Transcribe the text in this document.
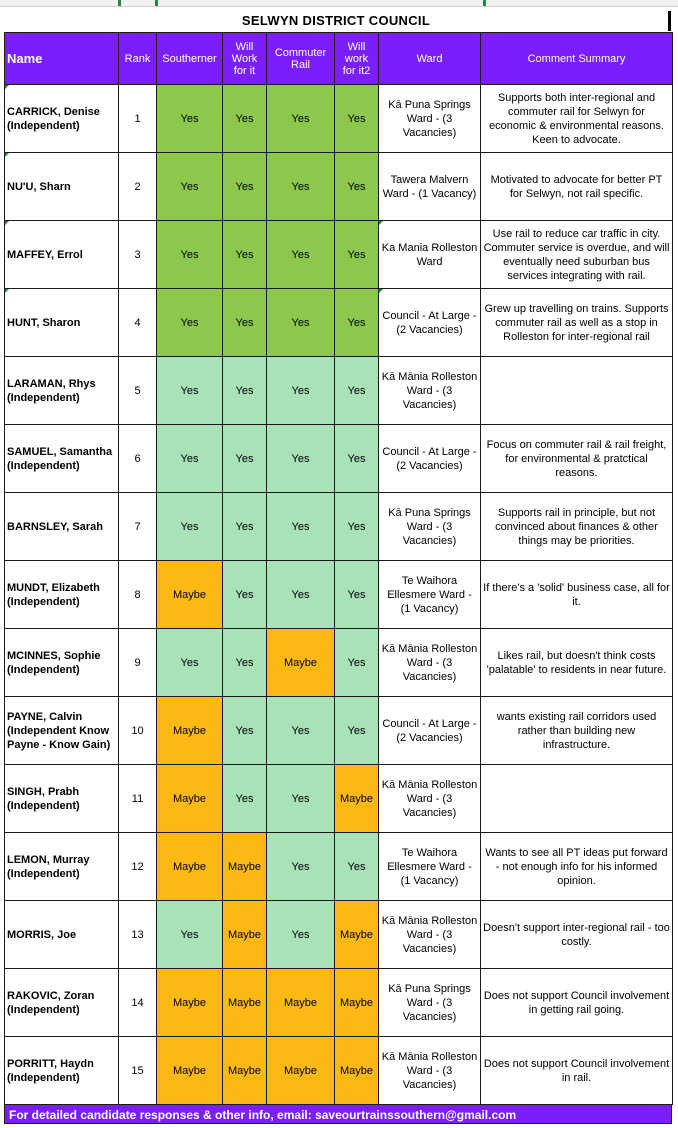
SELWYN DISTRICT COUNCIL
Name	Rank	Southerner	Will Work for it	Commuter Rail	Will work for it2	Ward	Comment Summary

CARRICK, Denise (Independent)	1	Yes	Yes	Yes	Yes	Kā Puna Springs Ward - (3 Vacancies)	Supports both inter-regional and commuter rail for Selwyn for economic & environmental reasons. Keen to advocate.

NU'U, Sharn	2	Yes	Yes	Yes	Yes	Tawera Malvern Ward - (1 Vacancy)	Motivated to advocate for better PT for Selwyn, not rail specific.

MAFFEY, Errol	3	Yes	Yes	Yes	Yes	Ka Mania Rolleston Ward	Use rail to reduce car traffic in city. Commuter service is overdue, and will eventually need suburban bus services integrating with rail.

HUNT, Sharon	4	Yes	Yes	Yes	Yes	Council - At Large - (2 Vacancies)	Grew up travelling on trains. Supports commuter rail as well as a stop in Rolleston for inter-regional rail
LARAMAN, Rhys (Independent)	5	Yes	Yes	Yes	Yes	Kā Māniа Rolleston Ward - (3 Vacancies)	
SAMUEL, Samantha (Independent)	6	Yes	Yes	Yes	Yes	Council - At Large - (2 Vacancies)	Focus on commuter rail & rail freight, for environmental & pratctical reasons.
BARNSLEY, Sarah	7	Yes	Yes	Yes	Yes	Kā Puna Springs Ward - (3 Vacancies)	Supports rail in principle, but not convinced about finances & other things may be priorities.
MUNDT, Elizabeth (Independent)	8	Maybe	Yes	Yes	Yes	Te Waihora Ellesmere Ward - (1 Vacancy)	If there's a 'solid' business case, all for it.
MCINNES, Sophie (Independent)	9	Yes	Yes	Maybe	Yes	Kā Māniа Rolleston Ward - (3 Vacancies)	Likes rail, but doesn't think costs 'palatable' to residents in near future.
PAYNE, Calvin (Independent Know Payne - Know Gain)	10	Maybe	Yes	Yes	Yes	Council - At Large - (2 Vacancies)	wants existing rail corridors used rather than building new infrastructure.
SINGH, Prabh (Independent)	11	Maybe	Yes	Yes	Maybe	Kā Māniа Rolleston Ward - (3 Vacancies)	
LEMON, Murray (Independent)	12	Maybe	Maybe	Yes	Yes	Te Waihora Ellesmere Ward - (1 Vacancy)	Wants to see all PT ideas put forward - not enough info for his informed opinion.
MORRIS, Joe	13	Yes	Maybe	Yes	Maybe	Kā Māniа Rolleston Ward - (3 Vacancies)	Doesn't support inter-regional rail - too costly.
RAKOVIC, Zoran (Independent)	14	Maybe	Maybe	Maybe	Maybe	Kā Puna Springs Ward - (3 Vacancies)	Does not support Council involvement in getting rail going.
PORRITT, Haydn (Independent)	15	Maybe	Maybe	Maybe	Maybe	Kā Māniа Rolleston Ward - (3 Vacancies)	Does not support Council involvement in rail.
For detailed candidate responses & other info, email: saveourtrainssouthern@gmail.com
